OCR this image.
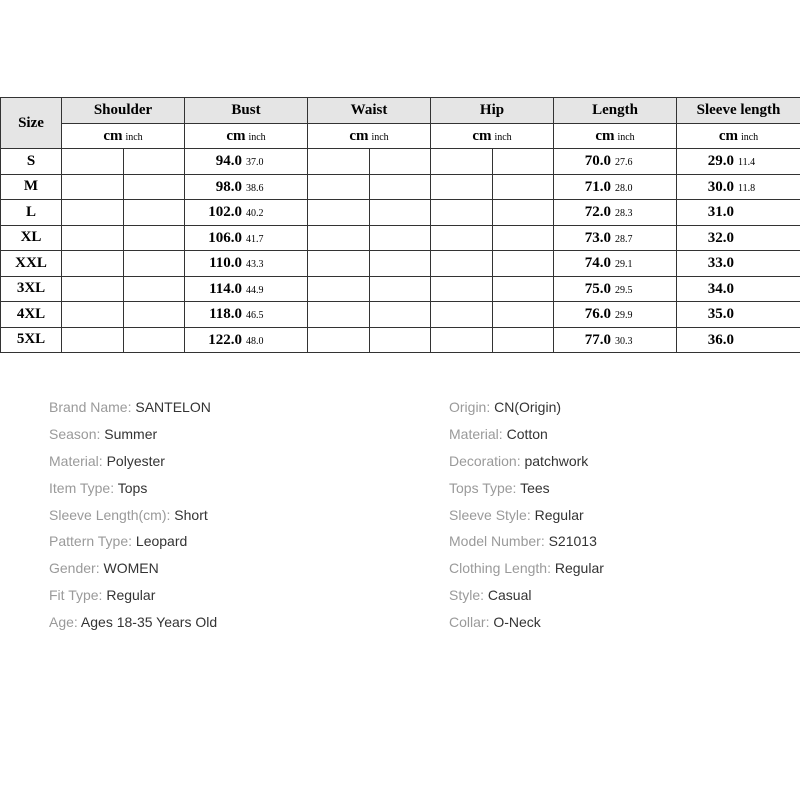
Size	Shoulder	Bust	Waist	Hip	Length	Sleeve length
	cm inch	cm inch	cm inch	cm inch	cm inch	cm inch
S		94.0 37.0			70.0 27.6	29.0 11.4
M		98.0 38.6			71.0 28.0	30.0 11.8
L		102.0 40.2			72.0 28.3	31.0
XL		106.0 41.7			73.0 28.7	32.0
XXL		110.0 43.3			74.0 29.1	33.0
3XL		114.0 44.9			75.0 29.5	34.0
4XL		118.0 46.5			76.0 29.9	35.0
5XL		122.0 48.0			77.0 30.3	36.0
Brand Name: SANTELON
Season: Summer
Material: Polyester
Item Type: Tops
Sleeve Length(cm): Short
Pattern Type: Leopard
Gender: WOMEN
Fit Type: Regular
Age: Ages 18-35 Years Old
Origin: CN(Origin)
Material: Cotton
Decoration: patchwork
Tops Type: Tees
Sleeve Style: Regular
Model Number: S21013
Clothing Length: Regular
Style: Casual
Collar: O-Neck
